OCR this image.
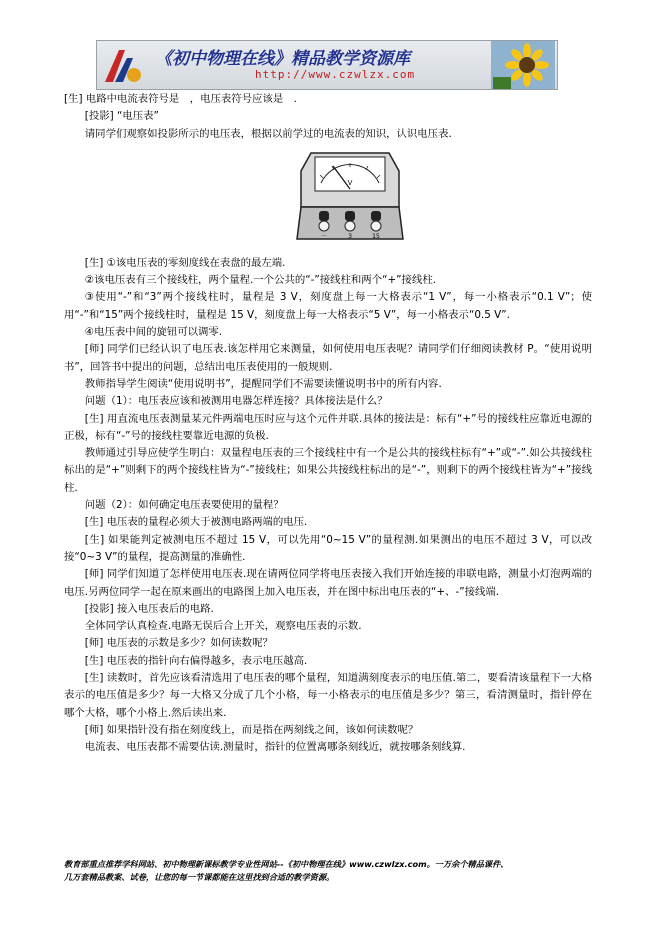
《初中物理在线》精品教学资源库
http://www.czwlzx.com

[生] 电路中电流表符号是　，电压表符号应该是　.

[投影] “电压表”

请同学们观察如投影所示的电压表，根据以前学过的电流表的知识，认识电压表.

V
－	3	15

[生] ①该电压表的零刻度线在表盘的最左端.

②该电压表有三个接线柱，两个量程.一个公共的“-”接线柱和两个“+”接线柱.

③使用“-”和“3”两个接线柱时，量程是 3 V，刻度盘上每一大格表示“1 V”，每一小格表示“0.1 V”；使用“-”和“15”两个接线柱时，量程是 15 V，刻度盘上每一大格表示“5 V”，每一小格表示“0.5 V”.

④电压表中间的旋钮可以调零.

[师] 同学们已经认识了电压表.该怎样用它来测量，如何使用电压表呢？请同学们仔细阅读教材 P。“使用说明书”，回答书中提出的问题，总结出电压表使用的一般规则.

教师指导学生阅读“使用说明书”，提醒同学们不需要读懂说明书中的所有内容.

问题（1）：电压表应该和被测用电器怎样连接？具体接法是什么？

[生] 用直流电压表测量某元件两端电压时应与这个元件并联.具体的接法是：标有“+”号的接线柱应靠近电源的正极，标有“-”号的接线柱要靠近电源的负极.

教师通过引导应使学生明白：双量程电压表的三个接线柱中有一个是公共的接线柱标有“+”或“-”.如公共接线柱标出的是“+”则剩下的两个接线柱皆为“-”接线柱；如果公共接线柱标出的是“-”，则剩下的两个接线柱皆为“+”接线柱.

问题（2）：如何确定电压表要使用的量程？

[生] 电压表的量程必须大于被测电路两端的电压.

[生] 如果能判定被测电压不超过 15 V，可以先用“0~15 V”的量程测.如果测出的电压不超过 3 V，可以改接“0~3 V”的量程，提高测量的准确性.

[师] 同学们知道了怎样使用电压表.现在请两位同学将电压表接入我们开始连接的串联电路，测量小灯泡两端的电压.另两位同学一起在原来画出的电路图上加入电压表，并在图中标出电压表的“+、-”接线端.

[投影] 接入电压表后的电路.

全体同学认真检查.电路无误后合上开关，观察电压表的示数.

[师] 电压表的示数是多少？如何读数呢？

[生] 电压表的指针向右偏得越多，表示电压越高.

[生] 读数时，首先应该看清选用了电压表的哪个量程，知道满刻度表示的电压值.第二，要看清该量程下一大格表示的电压值是多少？每一大格又分成了几个小格，每一小格表示的电压值是多少？第三，看清测量时，指针停在哪个大格，哪个小格上.然后读出来.

[师] 如果指针没有指在刻度线上，而是指在两刻线之间，该如何读数呢？

电流表、电压表都不需要估读.测量时，指针的位置离哪条刻线近，就按哪条刻线算.

教育部重点推荐学科网站、初中物理新课标教学专业性网站--《初中物理在线》www.czwlzx.com。一万余个精品课件、

几万套精品教案、试卷，让您的每一节课都能在这里找到合适的教学资源。
